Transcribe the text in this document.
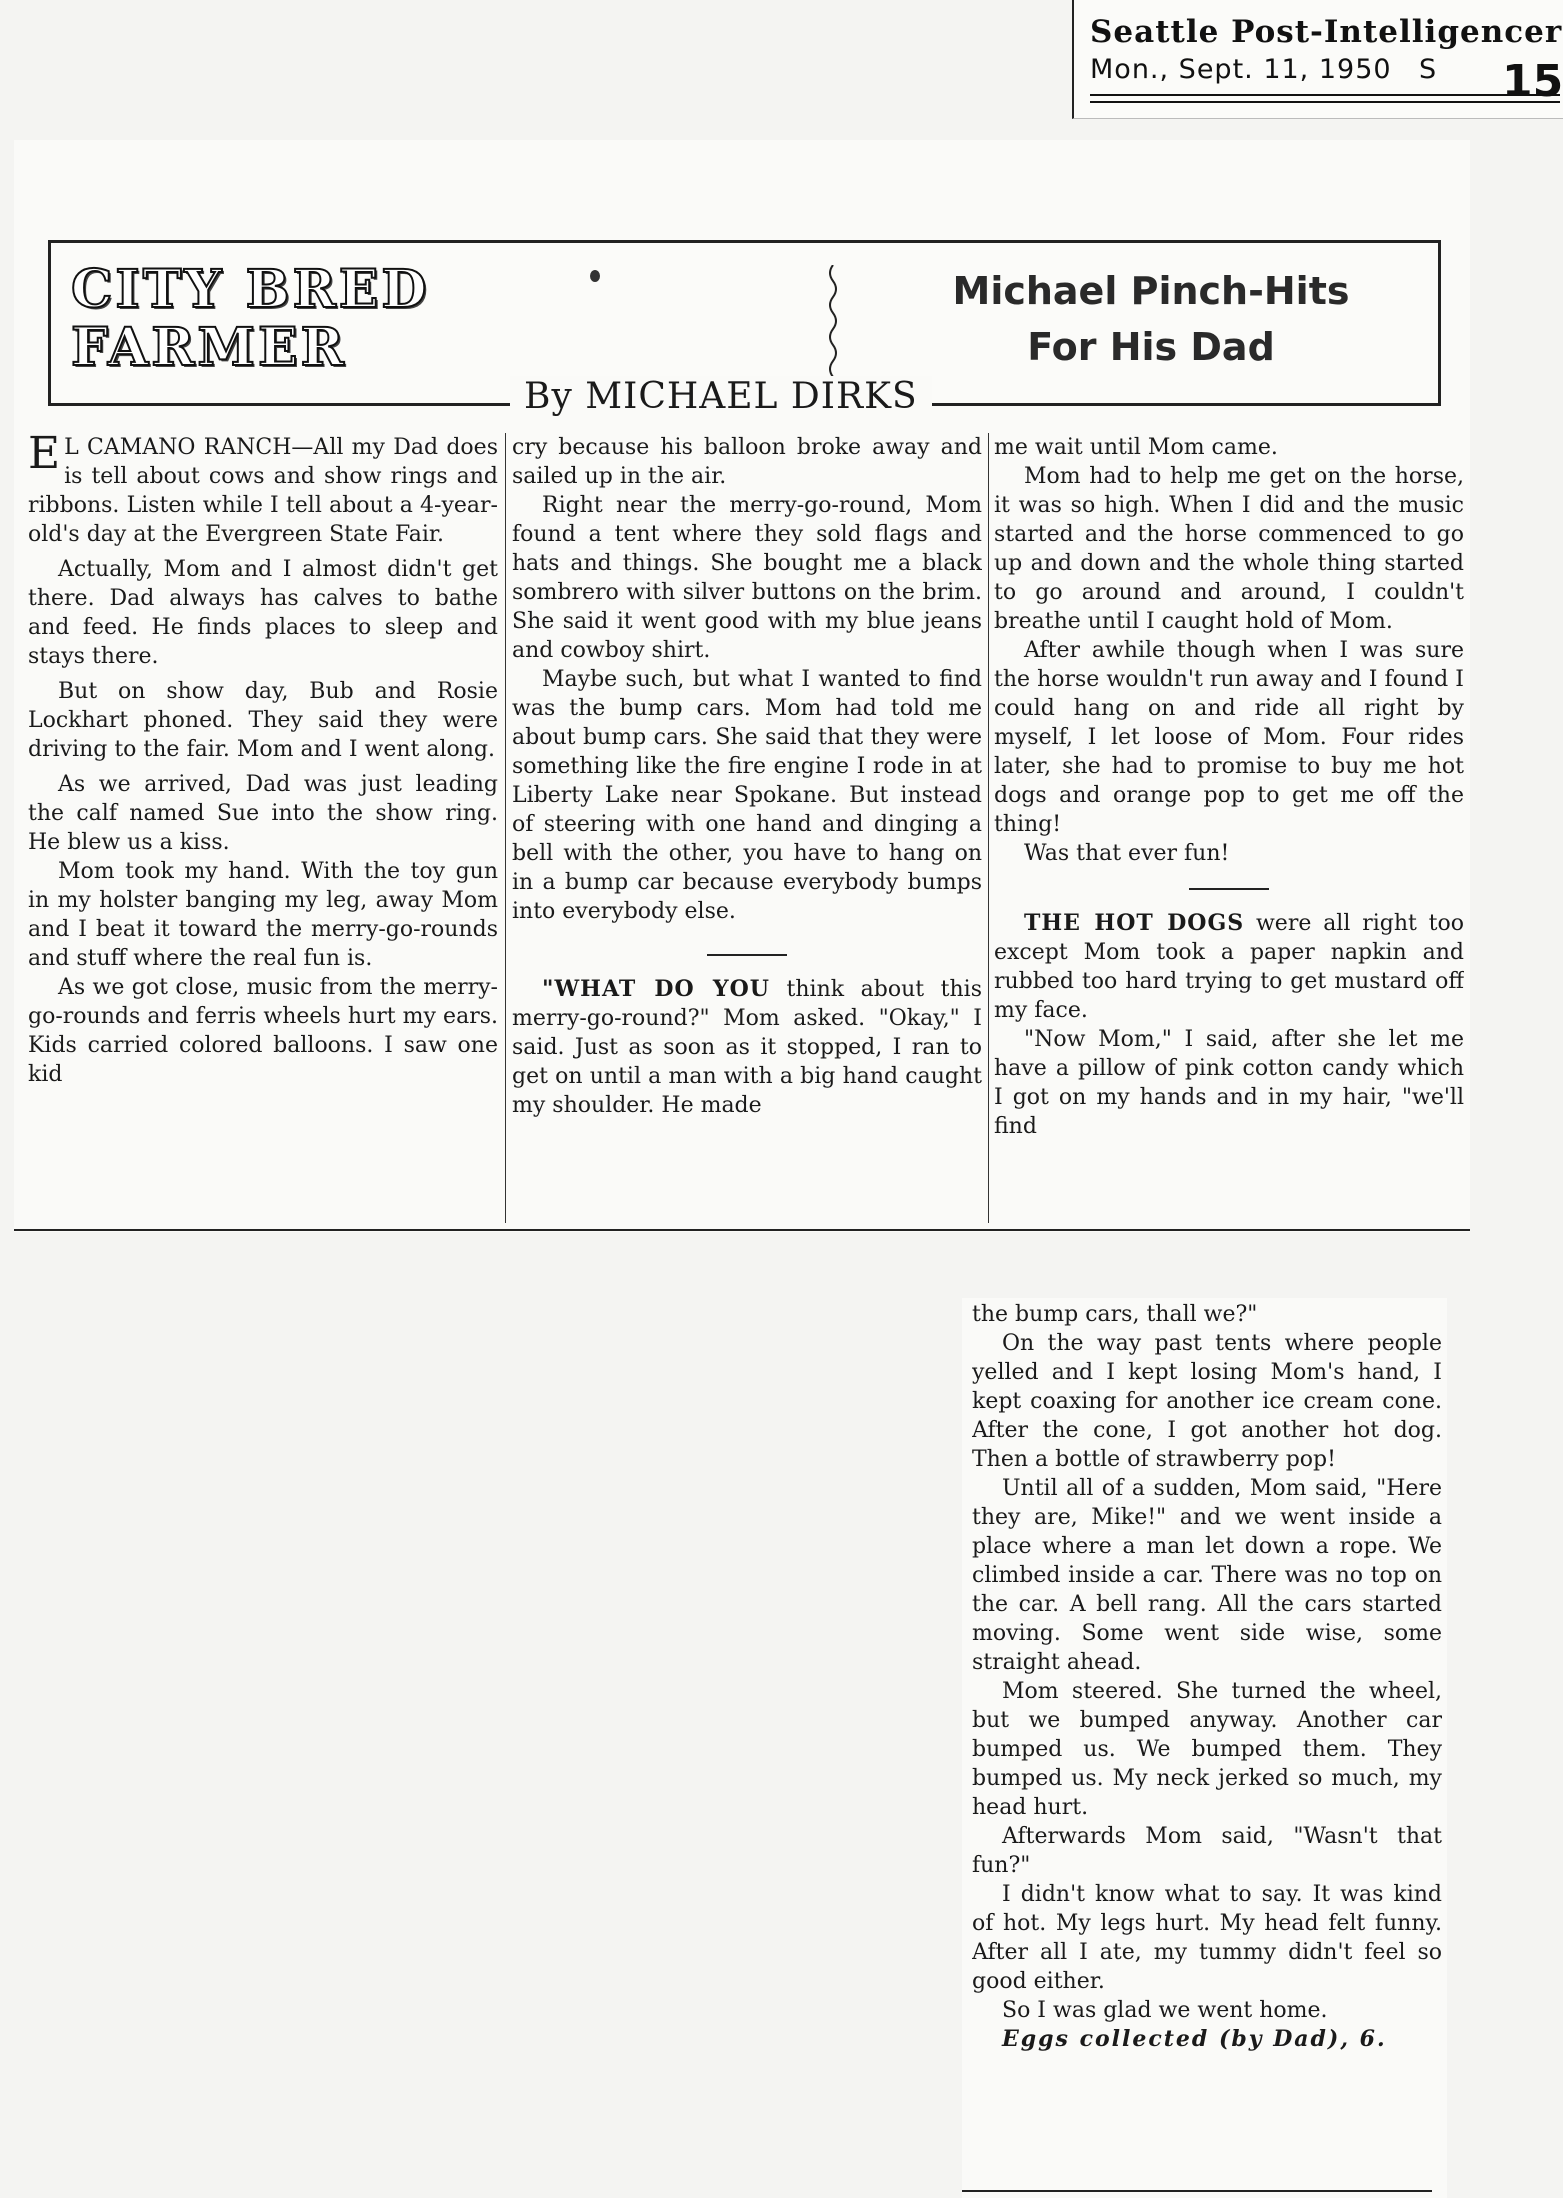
Seattle Post-Intelligencer
Mon., Sept. 11, 1950 S 15
CITY BRED
FARMER
Michael Pinch-Hits
For His Dad
By MICHAEL DIRKS

E L CAMANO RANCH—All my Dad does is tell about cows and show rings and ribbons. Listen while I tell about a 4-year-old's day at the Evergreen State Fair.

Actually, Mom and I almost didn't get there. Dad always has calves to bathe and feed. He finds places to sleep and stays there.

But on show day, Bub and Rosie Lockhart phoned. They said they were driving to the fair. Mom and I went along.

As we arrived, Dad was just leading the calf named Sue into the show ring. He blew us a kiss.

Mom took my hand. With the toy gun in my holster banging my leg, away Mom and I beat it toward the merry-go-rounds and stuff where the real fun is.

As we got close, music from the merry-go-rounds and ferris wheels hurt my ears. Kids carried colored balloons. I saw one kid

cry because his balloon broke away and sailed up in the air.

Right near the merry-go-round, Mom found a tent where they sold flags and hats and things. She bought me a black sombrero with silver buttons on the brim. She said it went good with my blue jeans and cowboy shirt.

Maybe such, but what I wanted to find was the bump cars. Mom had told me about bump cars. She said that they were something like the fire engine I rode in at Liberty Lake near Spokane. But instead of steering with one hand and dinging a bell with the other, you have to hang on in a bump car because everybody bumps into everybody else.

"WHAT DO YOU think about this merry-go-round?" Mom asked. "Okay," I said. Just as soon as it stopped, I ran to get on until a man with a big hand caught my shoulder. He made

me wait until Mom came.

Mom had to help me get on the horse, it was so high. When I did and the music started and the horse commenced to go up and down and the whole thing started to go around and around, I couldn't breathe until I caught hold of Mom.

After awhile though when I was sure the horse wouldn't run away and I found I could hang on and ride all right by myself, I let loose of Mom. Four rides later, she had to promise to buy me hot dogs and orange pop to get me off the thing!

Was that ever fun!

THE HOT DOGS were all right too except Mom took a paper napkin and rubbed too hard trying to get mustard off my face.

"Now Mom," I said, after she let me have a pillow of pink cotton candy which I got on my hands and in my hair, "we'll find

the bump cars, thall we?"

On the way past tents where people yelled and I kept losing Mom's hand, I kept coaxing for another ice cream cone. After the cone, I got another hot dog. Then a bottle of strawberry pop!

Until all of a sudden, Mom said, "Here they are, Mike!" and we went inside a place where a man let down a rope. We climbed inside a car. There was no top on the car. A bell rang. All the cars started moving. Some went side wise, some straight ahead.

Mom steered. She turned the wheel, but we bumped anyway. Another car bumped us. We bumped them. They bumped us. My neck jerked so much, my head hurt.

Afterwards Mom said, "Wasn't that fun?"

I didn't know what to say. It was kind of hot. My legs hurt. My head felt funny. After all I ate, my tummy didn't feel so good either.

So I was glad we went home.

Eggs collected (by Dad), 6.
